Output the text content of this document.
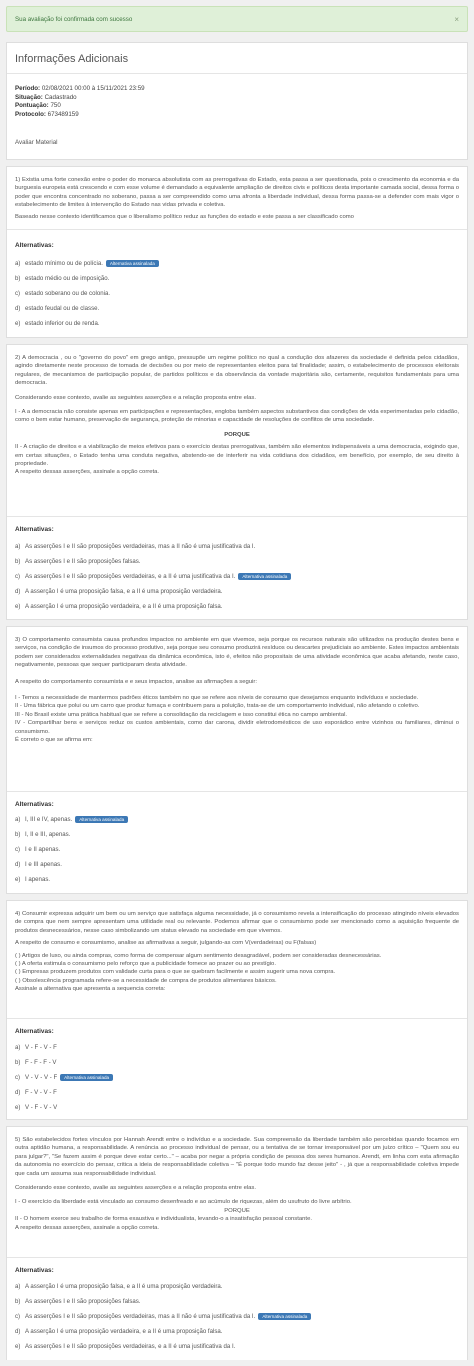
Sua avaliação foi confirmada com sucesso	×
Informações Adicionais
Período: 02/08/2021 00:00 à 15/11/2021 23:59
Situação: Cadastrado
Pontuação: 750
Protocolo: 673489159
Avaliar Material

1) Existia uma forte conexão entre o poder do monarca absolutista com as prerrogativas do Estado, esta passa a ser questionada, pois o crescimento da economia e da burguesia europeia está crescendo e com esse volume é demandado a equivalente ampliação de direitos civis e políticos desta importante camada social, dessa forma o poder que encontra concentrado no soberano, passa a ser compreendido como uma afronta a liberdade individual, dessa forma passa-se a defender com mais vigor o estabelecimento de limites à intervenção do Estado nas vidas privada e coletiva.

Baseado nesse contexto identificamos que o liberalismo político reduz as funções do estado e este passa a ser classificado como

Alternativas:
a) estado mínimo ou de polícia.	Alternativa assinalada
b) estado médio ou de imposição.
c) estado soberano ou de colonia.
d) estado feudal ou de classe.
e) estado inferior ou de renda.

2) A democracia , ou o "governo do povo" em grego antigo, pressupõe um regime político no qual a condução dos afazeres da sociedade é definida pelos cidadãos, agindo diretamente neste processo de tomada de decisões ou por meio de representantes eleitos para tal finalidade; assim, o estabelecimento de processos eleitorais regulares, de mecanismos de participação popular, de partidos políticos e da observância da vontade majoritária são, certamente, requisitos fundamentais para uma democracia.

Considerando esse contexto, avalie as seguintes asserções e a relação proposta entre elas.

I - A a democracia não consiste apenas em participações e representações, engloba também aspectos substantivos das condições de vida experimentadas pelo cidadão, como o bem estar humano, preservação de segurança, proteção de minorias e capacidade de resoluções de conflitos de uma sociedade.

PORQUE

II - A criação de direitos e a viabilização de meios efetivos para o exercício destas prerrogativas, também são elementos indispensáveis a uma democracia, exigindo que, em certas situações, o Estado tenha uma conduta negativa, abstendo-se de interferir na vida cotidiana dos cidadãos, em benefício, por exemplo, de seu direito à propriedade.

A respeito dessas asserções, assinale a opção correta.

Alternativas:
a) As asserções I e II são proposições verdadeiras, mas a II não é uma justificativa da I.
b) As asserções I e II são proposições falsas.
c) As asserções I e II são proposições verdadeiras, e a II é uma justificativa da I.	Alternativa assinalada
d) A asserção I é uma proposição falsa, e a II é uma proposição verdadeira.
e) A asserção I é uma proposição verdadeira, e a II é uma proposição falsa.

3) O comportamento consumista causa profundos impactos no ambiente em que vivemos, seja porque os recursos naturais são utilizados na produção destes bens e serviços, na condição de insumos do processo produtivo, seja porque seu consumo produzirá resíduos ou descartes prejudiciais ao ambiente. Estes impactos ambientais podem ser considerados externalidades negativas da dinâmica econômica, isto é, efeitos não propositais de uma atividade econômica que acaba afetando, neste caso, negativamente, pessoas que sequer participaram desta atividade.

A respeito do comportamento consumista e e seus impactos, analise as afirmações a seguir:

I - Temos a necessidade de mantermos padrões éticos também no que se refere aos níveis de consumo que desejamos enquanto indivíduos e sociedade.

II - Uma fábrica que polui ou um carro que produz fumaça e contribuem para a poluição, trata-se de um comportamento individual, não afetando o coletivo.

III - No Brasil existe uma prática habitual que se refere a consolidação da reciclagem e isso constitui ética no campo ambiental.

IV - Compartilhar bens e serviços reduz os custos ambientais, como dar carona, dividir eletrodomésticos de uso esporádico entre vizinhos ou familiares, diminui o consumismo.

É correto o que se afirma em:

Alternativas:
a) I, III e IV, apenas.	Alternativa assinalada
b) I, II e III, apenas.
c) I e II apenas.
d) I e III apenas.
e) I apenas.

4) Consumir expressa adquirir um bem ou um serviço que satisfaça alguma necessidade, já o consumismo revela a intensificação do processo atingindo níveis elevados de compra que nem sempre apresentam uma utilidade real ou relevante. Podemos afirmar que o consumismo pode ser mencionado como a aquisição frequente de produtos desnecessários, nesse caso simbolizando um status elevado na sociedade em que vivemos.

A respeito de consumo e consumismo, analise as afirmativas a seguir, julgando-as com V(verdadeiras) ou F(falsas)

( ) Artigos de luxo, ou ainda compras, como forma de compensar algum sentimento desagradável, podem ser consideradas desnecessárias.

( ) A oferta estimula o consumismo pelo reforço que a publicidade fornece ao prazer ou ao prestígio.

( ) Empresas produzem produtos com validade curta para o que se quebram facilmente e assim sugerir uma nova compra.

( ) Obsolescência programada refere-se a necessidade de compra de produtos alimentares básicos.

Assinale a alternativa que apresenta a sequencia correta:

Alternativas:
a) V - F - V - F
b) F - F - F - V
c) V - V - V - F	Alternativa assinalada
d) F - V - V - F
e) V - F - V - V

5) São estabelecidos fortes vínculos por Hannah Arendt entre o indivíduo e a sociedade. Sua compreensão da liberdade também são percebidas quando focamos em outra aptidão humana, a responsabilidade. A renúncia ao processo individual de pensar, ou a tentativa de se tornar irresponsável por um juízo crítico – "Quem sou eu para julgar?", "Se fazem assim é porque deve estar certo..." – acaba por negar a própria condição de pessoa dos seres humanos. Arendt, em linha com esta afirmação da autonomia no exercício do pensar, critica a ideia de responsabilidade coletiva – "É porque todo mundo faz desse jeito" - , já que a responsabilidade coletiva impede que cada um assuma sua responsabilidade individual.

Considerando esse contexto, avalie as seguintes asserções e a relação proposta entre elas.

I - O exercício da liberdade está vinculado ao consumo desenfreado e ao acúmulo de riquezas, além do usufruto do livre arbítrio.

PORQUE

II - O homem exerce seu trabalho de forma exaustiva e individualista, levando-o a insatisfação pessoal constante.

A respeito dessas asserções, assinale a opção correta.

Alternativas:
a) A asserção I é uma proposição falsa, e a II é uma proposição verdadeira.
b) As asserções I e II são proposições falsas.
c) As asserções I e II são proposições verdadeiras, mas a II não é uma justificativa da I.	Alternativa assinalada
d) A asserção I é uma proposição verdadeira, e a II é uma proposição falsa.
e) As asserções I e II são proposições verdadeiras, e a II é uma justificativa da I.
